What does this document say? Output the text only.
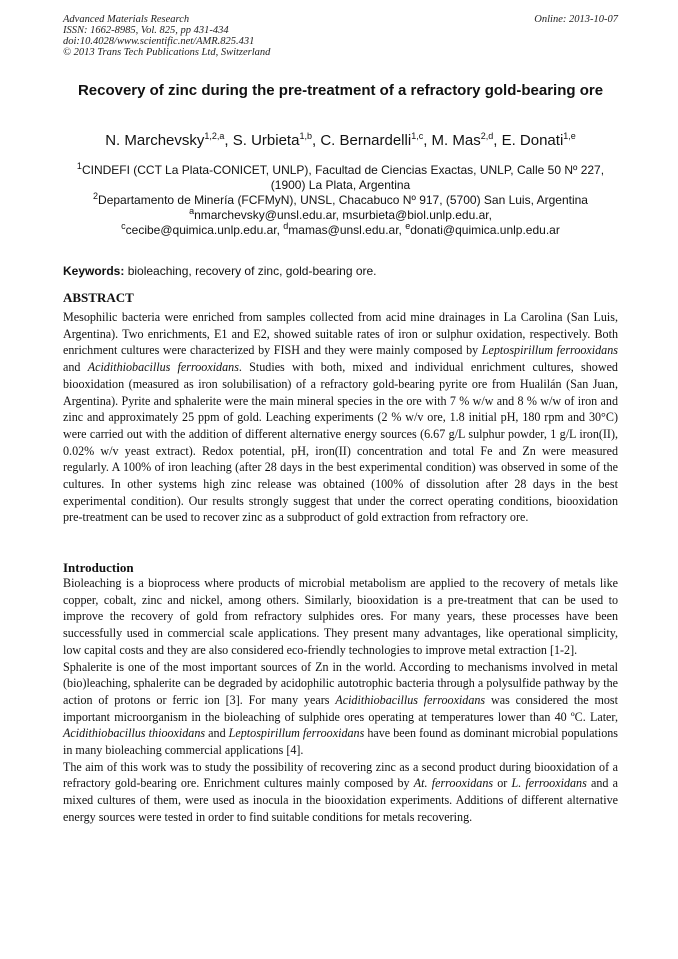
Advanced Materials Research
ISSN: 1662-8985, Vol. 825, pp 431-434
doi:10.4028/www.scientific.net/AMR.825.431
© 2013 Trans Tech Publications Ltd, Switzerland
Online: 2013-10-07
Recovery of zinc during the pre-treatment of a refractory gold-bearing ore
N. Marchevsky$^{1,2,a}$, S. Urbieta$^{1,b}$, C. Bernardelli$^{1,c}$, M. Mas$^{2,d}$, E. Donati$^{1,e}$
$^1$CINDEFI (CCT La Plata-CONICET, UNLP), Facultad de Ciencias Exactas, UNLP, Calle 50 Nº 227, (1900) La Plata, Argentina
$^2$Departamento de Minería (FCFMyN), UNSL, Chacabuco Nº 917, (5700) San Luis, Argentina
$^a$nmarchevsky@unsl.edu.ar, msurbieta@biol.unlp.edu.ar,
$^c$cecibe@quimica.unlp.edu.ar, $^d$mamas@unsl.edu.ar, $^e$donati@quimica.unlp.edu.ar
Keywords: bioleaching, recovery of zinc, gold-bearing ore.
ABSTRACT

Mesophilic bacteria were enriched from samples collected from acid mine drainages in La Carolina (San Luis, Argentina). Two enrichments, E1 and E2, showed suitable rates of iron or sulphur oxidation, respectively. Both enrichment cultures were characterized by FISH and they were mainly composed by Leptospirillum ferrooxidans and Acidithiobacillus ferrooxidans. Studies with both, mixed and individual enrichment cultures, showed biooxidation (measured as iron solubilisation) of a refractory gold-bearing pyrite ore from Hualilán (San Juan, Argentina). Pyrite and sphalerite were the main mineral species in the ore with 7 % w/w and 8 % w/w of iron and zinc and approximately 25 ppm of gold. Leaching experiments (2 % w/v ore, 1.8 initial pH, 180 rpm and 30°C) were carried out with the addition of different alternative energy sources (6.67 g/L sulphur powder, 1 g/L iron(II), 0.02% w/v yeast extract). Redox potential, pH, iron(II) concentration and total Fe and Zn were measured regularly. A 100% of iron leaching (after 28 days in the best experimental condition) was observed in some of the cultures. In other systems high zinc release was obtained (100% of dissolution after 28 days in the best experimental condition). Our results strongly suggest that under the correct operating conditions, biooxidation pre-treatment can be used to recover zinc as a subproduct of gold extraction from refractory ore.

Introduction

Bioleaching is a bioprocess where products of microbial metabolism are applied to the recovery of metals like copper, cobalt, zinc and nickel, among others. Similarly, biooxidation is a pre-treatment that can be used to improve the recovery of gold from refractory sulphides ores. For many years, these processes have been successfully used in commercial scale applications. They present many advantages, like operational simplicity, low capital costs and they are also considered eco-friendly technologies to improve metal extraction [1-2].

Sphalerite is one of the most important sources of Zn in the world. According to mechanisms involved in metal (bio)leaching, sphalerite can be degraded by acidophilic autotrophic bacteria through a polysulfide pathway by the action of protons or ferric ion [3]. For many years Acidithiobacillus ferrooxidans was considered the most important microorganism in the bioleaching of sulphide ores operating at temperatures lower than 40 ºC. Later, Acidithiobacillus thiooxidans and Leptospirillum ferrooxidans have been found as dominant microbial populations in many bioleaching commercial applications [4].

The aim of this work was to study the possibility of recovering zinc as a second product during biooxidation of a refractory gold-bearing ore. Enrichment cultures mainly composed by At. ferrooxidans or L. ferrooxidans and a mixed cultures of them, were used as inocula in the biooxidation experiments. Additions of different alternative energy sources were tested in order to find suitable conditions for metals recovering.
